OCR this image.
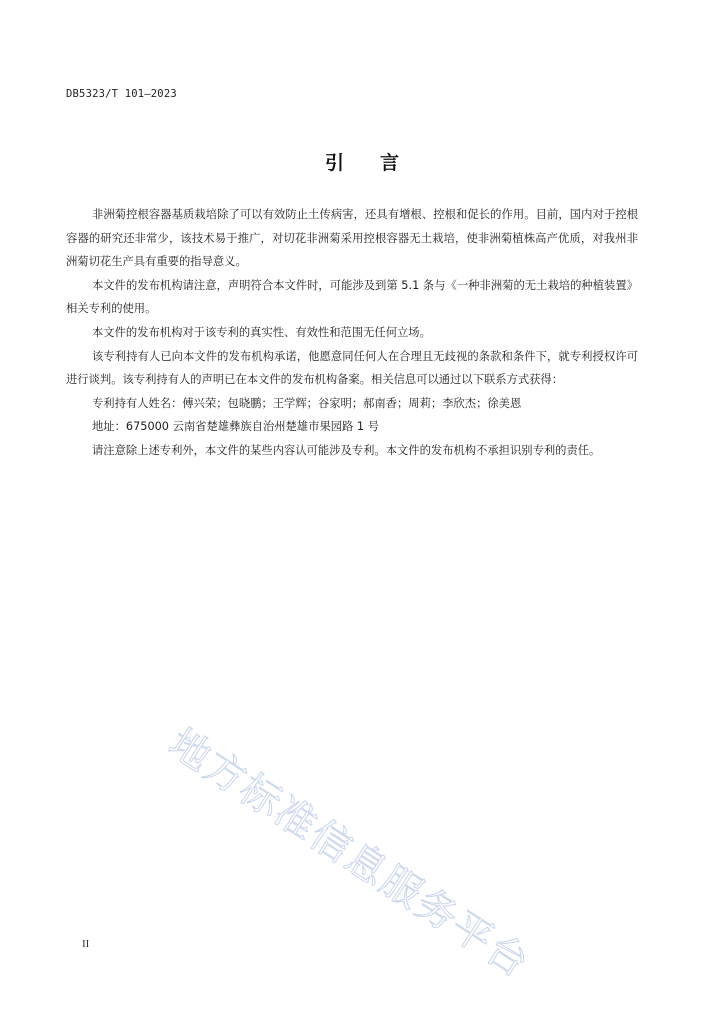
DB5323/T 101—2023
引言

非洲菊控根容器基质栽培除了可以有效防止土传病害，还具有增根、控根和促长的作用。目前，国内对于控根容器的研究还非常少，该技术易于推广，对切花非洲菊采用控根容器无土栽培，使非洲菊植株高产优质，对我州非洲菊切花生产具有重要的指导意义。

本文件的发布机构请注意，声明符合本文件时，可能涉及到第 5.1 条与《一种非洲菊的无土栽培的种植装置》相关专利的使用。

本文件的发布机构对于该专利的真实性、有效性和范围无任何立场。

该专利持有人已向本文件的发布机构承诺，他愿意同任何人在合理且无歧视的条款和条件下，就专利授权许可进行谈判。该专利持有人的声明已在本文件的发布机构备案。相关信息可以通过以下联系方式获得：

专利持有人姓名：傅兴荣；包晓鹏；王学辉；谷家明；郝南香；周莉；李欣杰；徐美恩

地址：675000 云南省楚雄彝族自治州楚雄市果园路 1 号

请注意除上述专利外，本文件的某些内容认可能涉及专利。本文件的发布机构不承担识别专利的责任。

地方标准信息服务平台
II
